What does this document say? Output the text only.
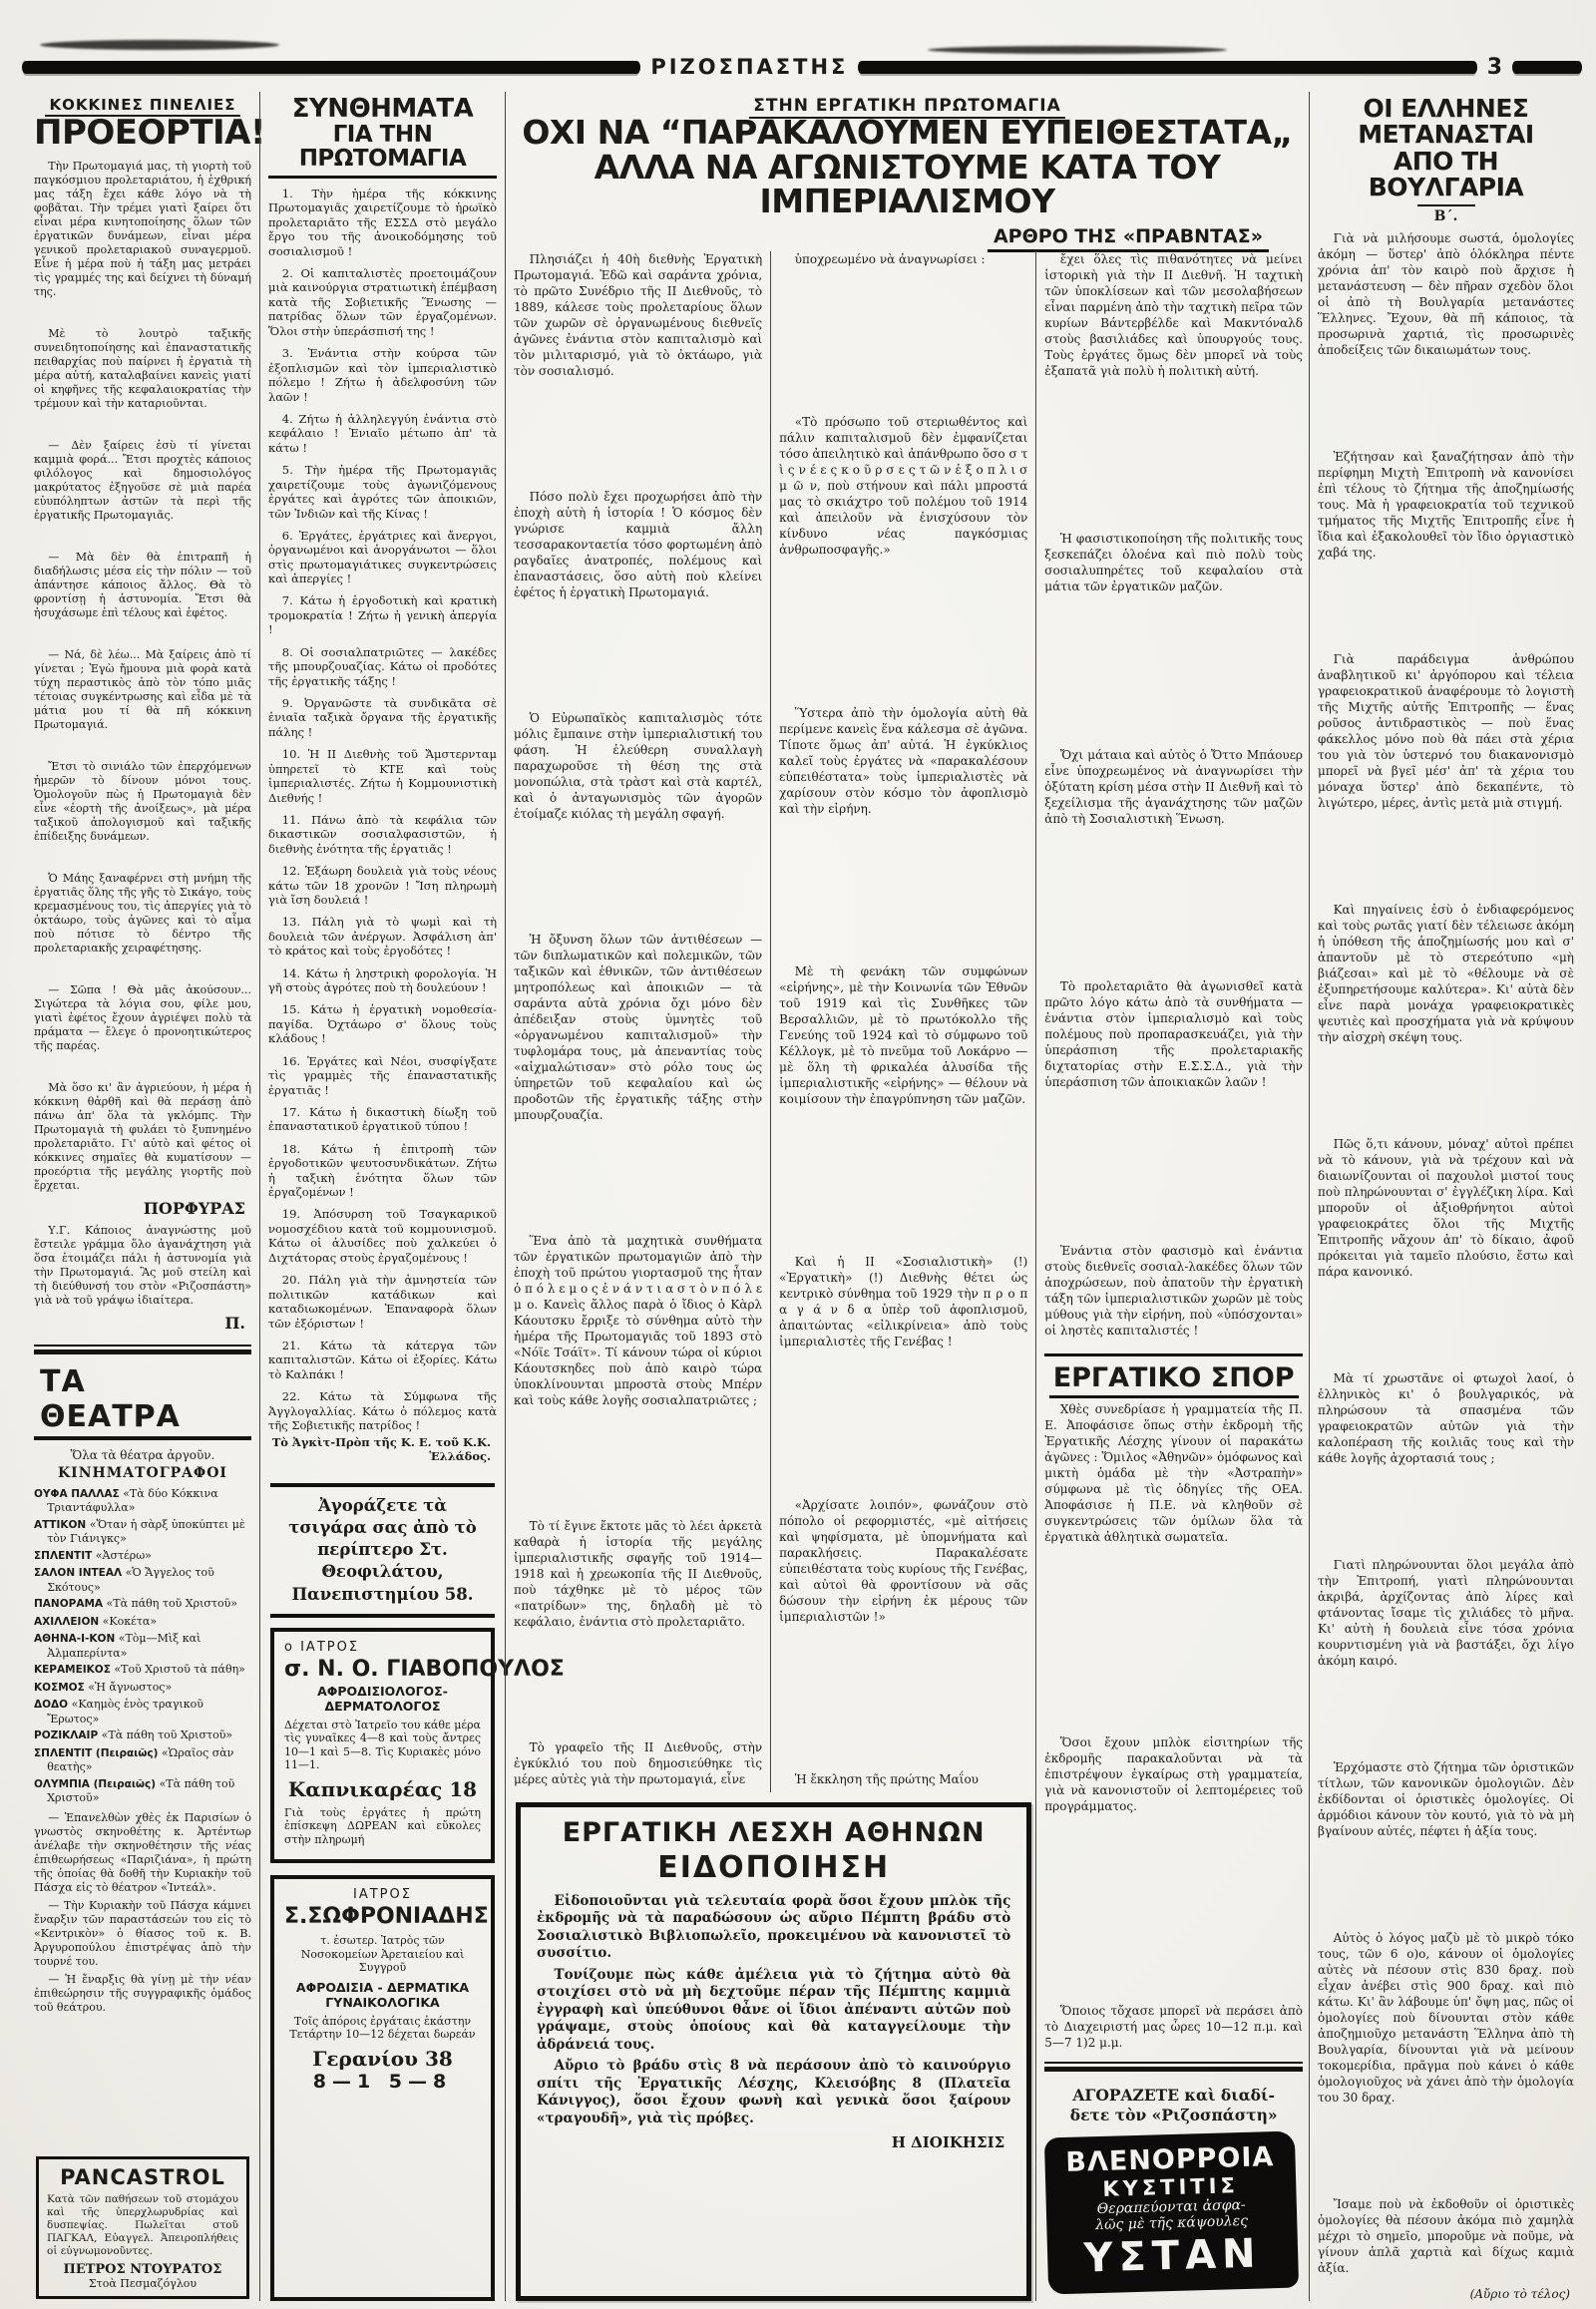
ΡΙΖΟΣΠΑΣΤΗΣ	3
ΚΟΚΚΙΝΕΣ ΠΙΝΕΛΙΕΣ
ΠΡΟΕΟΡΤΙΑ!

Τὴν Πρωτομαγιά μας, τὴ γιορτὴ τοῦ παγκόσμιου προλεταριάτου, ἡ ἐχθρική μας τάξη ἔχει κάθε λόγο νὰ τὴ φοβᾶται. Τὴν τρέμει γιατὶ ξαίρει ὅτι εἶναι μέρα κινητοποίησης ὅλων τῶν ἐργατικῶν δυνάμεων, εἶναι μέρα γενικοῦ προλεταριακοῦ συναγερμοῦ. Εἶνε ἡ μέρα ποὺ ἡ τάξη μας μετράει τὶς γραμμές της καὶ δείχνει τὴ δύναμή της.

Μὲ τὸ λουτρὸ ταξικῆς συνειδητοποίησης καὶ ἐπαναστατικῆς πειθαρχίας ποὺ παίρνει ἡ ἐργατιὰ τὴ μέρα αὐτή, καταλαβαίνει κανεὶς γιατί οἱ κηφῆνες τῆς κεφαλαιοκρατίας τὴν τρέμουν καὶ τὴν καταριοῦνται.

— Δὲν ξαίρεις ἐσὺ τί γίνεται καμμιὰ φορά... Ἔτσι προχτὲς κάποιος φιλόλογος καὶ δημοσιολόγος μακρύτατος ἐξηγοῦσε σὲ μιὰ παρέα εὐυπόληπτων ἀστῶν τὰ περὶ τῆς ἐργατικῆς Πρωτομαγιᾶς.

— Μὰ δὲν θὰ ἐπιτραπῆ ἡ διαδήλωσις μέσα εἰς τὴν πόλιν — τοῦ ἀπάντησε κάποιος ἄλλος. Θὰ τὸ φροντίσῃ ἡ ἀστυνομία. Ἔτσι θὰ ἡσυχάσωμε ἐπὶ τέλους καὶ ἐφέτος.

— Νά, δὲ λέω... Μὰ ξαίρεις ἀπὸ τί γίνεται ; Ἐγὼ ἤμουνα μιὰ φορὰ κατὰ τύχη περαστικὸς ἀπὸ τὸν τόπο μιᾶς τέτοιας συγκέντρωσης καὶ εἶδα μὲ τὰ μάτια μου τί θὰ πῆ κόκκινη Πρωτομαγιά.

Ἔτσι τὸ σινιάλο τῶν ἐπερχόμενων ἡμερῶν τὸ δίνουν μόνοι τους. Ὁμολογοῦν πὼς ἡ Πρωτομαγιὰ δὲν εἶνε «ἑορτὴ τῆς ἀνοίξεως», μὰ μέρα ταξικοῦ ἀπολογισμοῦ καὶ ταξικῆς ἐπίδειξης δυνάμεων.

Ὁ Μάης ξαναφέρνει στὴ μνήμη τῆς ἐργατιᾶς ὅλης τῆς γῆς τὸ Σικάγο, τοὺς κρεμασμένους του, τὶς ἀπεργίες γιὰ τὸ ὀκτάωρο, τοὺς ἀγῶνες καὶ τὸ αἷμα ποὺ πότισε τὸ δέντρο τῆς προλεταριακῆς χειραφέτησης.

— Σῶπα ! Θὰ μᾶς ἀκούσουν... Σιγώτερα τὰ λόγια σου, φίλε μου, γιατὶ ἐφέτος ἔχουν ἀγριέψει πολὺ τὰ πράματα — ἔλεγε ὁ προνοητικώτερος τῆς παρέας.

Μὰ ὅσο κι' ἂν ἀγριεύουν, ἡ μέρα ἡ κόκκινη θἀρθῆ καὶ θὰ περάσῃ ἀπὸ πάνω ἀπ' ὅλα τὰ γκλόμπς. Τὴν Πρωτομαγιὰ τὴ φυλάει τὸ ξυπνημένο προλεταριᾶτο. Γι' αὐτὸ καὶ φέτος οἱ κόκκινες σημαῖες θὰ κυματίσουν — προεόρτια τῆς μεγάλης γιορτῆς ποὺ ἔρχεται.

ΠΟΡΦΥΡΑΣ

Υ.Γ. Κάποιος ἀναγνώστης μοῦ ἔστειλε γράμμα ὅλο ἀγανάχτηση γιὰ ὅσα ἑτοιμάζει πάλι ἡ ἀστυνομία γιὰ τὴν Πρωτομαγιά. Ἂς μοῦ στείλη καὶ τὴ διεύθυνσή του στὸν «Ριζοσπάστη» γιὰ νὰ τοῦ γράψω ἰδιαίτερα.

Π.
ΤΑ ΘΕΑΤΡΑ
Ὅλα τὰ θέατρα ἀργοῦν.
ΚΙΝΗΜΑΤΟΓΡΑΦΟΙ

ΟΥΦΑ ΠΑΛΛΑΣ «Τὰ δύο Κόκκινα Τριαντάφυλλα»

ΑΤΤΙΚΟΝ «Ὅταν ἡ σὰρξ ὑποκύπτει μὲ τὸν Γιάνιγκς»

ΣΠΛΕΝΤΙΤ «Ἀστέρω»

ΣΑΛΟΝ ΙΝΤΕΑΛ «Ὁ Ἄγγελος τοῦ Σκότους»

ΠΑΝΟΡΑΜΑ «Τὰ πάθη τοῦ Χριστοῦ»

ΑΧΙΛΛΕΙΟΝ «Κοκέτα»

ΑΘΗΝΑ-Ι-ΚΟΝ «Τὸμ—Μὶξ καὶ Ἀλμαπερίντα»

ΚΕΡΑΜΕΙΚΟΣ «Τοῦ Χριστοῦ τὰ πάθη»

ΚΟΣΜΟΣ «Ἡ ἄγνωστος»

ΔΟΔΟ «Καημὸς ἑνὸς τραγικοῦ Ἔρωτος»

ΡΟΖΙΚΛΑΙΡ «Τὰ πάθη τοῦ Χριστοῦ»

ΣΠΛΕΝΤΙΤ (Πειραιῶς) «Ὡραῖος σὰν θεατὴς»

ΟΛΥΜΠΙΑ (Πειραιῶς) «Τὰ πάθη τοῦ Χριστοῦ»

— Ἐπανελθὼν χθὲς ἐκ Παρισίων ὁ γνωστὸς σκηνοθέτης κ. Ἀρτέντωρ ἀνέλαβε τὴν σκηνοθέτησιν τῆς νέας ἐπιθεωρήσεως «Παριζιάνα», ἡ πρώτη τῆς ὁποίας θὰ δοθῆ τὴν Κυριακὴν τοῦ Πάσχα εἰς τὸ θέατρον «Ἰντεάλ».

— Τὴν Κυριακὴν τοῦ Πάσχα κάμνει ἔναρξιν τῶν παραστάσεών του εἰς τὸ «Κεντρικὸν» ὁ θίασος τοῦ κ. Β. Ἀργυροπούλου ἐπιστρέψας ἀπὸ τὴν τουρνέ του.

— Ἡ ἔναρξις θὰ γίνῃ μὲ τὴν νέαν ἐπιθεώρησιν τῆς συγγραφικῆς ὁμάδος τοῦ θεάτρου.

PANCASTROL
Κατὰ τῶν παθήσεων τοῦ στομάχου καὶ τῆς ὑπερχλωρυδρίας καὶ δυσπεψίας. Πωλεῖται στοῦ ΠΑΓΚΑΛ, Εὐαγγελ. Ἀπειροπλήθεις οἱ εὐγνωμονοῦντες.
ΠΕΤΡΟΣ ΝΤΟΥΡΑΤΟΣ
Στοὰ Πεσμαζόγλου
ΣΥΝΘΗΜΑΤΑ
ΓΙΑ ΤΗΝ ΠΡΩΤΟΜΑΓΙΑ

1. Τὴν ἡμέρα τῆς κόκκινης Πρωτομαγιᾶς χαιρετίζουμε τὸ ἡρωϊκὸ προλεταριᾶτο τῆς ΕΣΣΔ στὸ μεγάλο ἔργο του τῆς ἀνοικοδόμησης τοῦ σοσιαλισμοῦ !

2. Οἱ καπιταλιστὲς προετοιμάζουν μιὰ καινούργια στρατιωτικὴ ἐπέμβαση κατὰ τῆς Σοβιετικῆς Ἕνωσης — πατρίδας ὅλων τῶν ἐργαζομένων. Ὅλοι στὴν ὑπεράσπισή της !

3. Ἐνάντια στὴν κούρσα τῶν ἐξοπλισμῶν καὶ τὸν ἰμπεριαλιστικὸ πόλεμο ! Ζήτω ἡ ἀδελφοσύνη τῶν λαῶν !

4. Ζήτω ἡ ἀλληλεγγύη ἐνάντια στὸ κεφάλαιο ! Ἑνιαῖο μέτωπο ἀπ' τὰ κάτω !

5. Τὴν ἡμέρα τῆς Πρωτομαγιᾶς χαιρετίζουμε τοὺς ἀγωνιζόμενους ἐργάτες καὶ ἀγρότες τῶν ἀποικιῶν, τῶν Ἰνδιῶν καὶ τῆς Κίνας !

6. Ἐργάτες, ἐργάτριες καὶ ἄνεργοι, ὀργανωμένοι καὶ ἀνοργάνωτοι — ὅλοι στὶς πρωτομαγιάτικες συγκεντρώσεις καὶ ἀπεργίες !

7. Κάτω ἡ ἐργοδοτικὴ καὶ κρατικὴ τρομοκρατία ! Ζήτω ἡ γενικὴ ἀπεργία !

8. Οἱ σοσιαλπατριῶτες — λακέδες τῆς μπουρζουαζίας. Κάτω οἱ προδότες τῆς ἐργατικῆς τάξης !

9. Ὀργανῶστε τὰ συνδικᾶτα σὲ ἑνιαῖα ταξικὰ ὄργανα τῆς ἐργατικῆς πάλης !

10. Ἡ ΙΙ Διεθνὴς τοῦ Ἄμστερνταμ ὑπηρετεῖ τὸ ΚΤΕ καὶ τοὺς ἰμπεριαλιστές. Ζήτω ἡ Κομμουνιστικὴ Διεθνής !

11. Πάνω ἀπὸ τὰ κεφάλια τῶν δικαστικῶν σοσιαλφασιστῶν, ἡ διεθνὴς ἑνότητα τῆς ἐργατιᾶς !

12. Ἑξάωρη δουλειὰ γιὰ τοὺς νέους κάτω τῶν 18 χρονῶν ! Ἴση πληρωμὴ γιὰ ἴση δουλειά !

13. Πάλη γιὰ τὸ ψωμὶ καὶ τὴ δουλειὰ τῶν ἀνέργων. Ἀσφάλιση ἀπ' τὸ κράτος καὶ τοὺς ἐργοδότες !

14. Κάτω ἡ ληστρικὴ φορολογία. Ἡ γῆ στοὺς ἀγρότες ποὺ τὴ δουλεύουν !

15. Κάτω ἡ ἐργατικὴ νομοθεσία-παγίδα. Ὀχτάωρο σ' ὅλους τοὺς κλάδους !

16. Ἐργάτες καὶ Νέοι, συσφίγξατε τὶς γραμμὲς τῆς ἐπαναστατικῆς ἐργατιᾶς !

17. Κάτω ἡ δικαστικὴ δίωξη τοῦ ἐπαναστατικοῦ ἐργατικοῦ τύπου !

18. Κάτω ἡ ἐπιτροπὴ τῶν ἐργοδοτικῶν ψευτοσυνδικάτων. Ζήτω ἡ ταξικὴ ἑνότητα ὅλων τῶν ἐργαζομένων !

19. Ἀπόσυρση τοῦ Τσαγκαρικοῦ νομοσχέδιου κατὰ τοῦ κομμουνισμοῦ. Κάτω οἱ ἁλυσίδες ποὺ χαλκεύει ὁ Διχτάτορας στοὺς ἐργαζομένους !

20. Πάλη γιὰ τὴν ἀμνηστεία τῶν πολιτικῶν κατάδικων καὶ καταδιωκομένων. Ἐπαναφορὰ ὅλων τῶν ἐξόριστων !

21. Κάτω τὰ κάτεργα τῶν καπιταλιστῶν. Κάτω οἱ ἐξορίες. Κάτω τὸ Καλπάκι !

22. Κάτω τὰ Σύμφωνα τῆς Ἀγγλογαλλίας. Κάτω ὁ πόλεμος κατὰ τῆς Σοβιετικῆς πατρίδος !

Τὸ Ἀγκὶτ-Πρὸπ τῆς Κ. Ε. τοῦ Κ.Κ. Ἑλλάδος.
Ἀγοράζετε τὰ τσιγάρα σας ἀπὸ τὸ περίπτερο Στ. Θεοφιλάτου, Πανεπιστημίου 58.
ο ΙΑΤΡΟΣ
σ. Ν. Ο. ΓΙΑΒΟΠΟΥΛΟΣ
ΑΦΡΟΔΙΣΙΟΛΟΓΟΣ-ΔΕΡΜΑΤΟΛΟΓΟΣ
Δέχεται στὸ Ἰατρεῖο του κάθε μέρα τὶς γυναῖκες 4—8 καὶ τοὺς ἄντρες 10—1 καὶ 5—8. Τὶς Κυριακὲς μόνο 11—1.
Καπνικαρέας 18
Γιὰ τοὺς ἐργάτες ἡ πρώτη ἐπίσκεψη ΔΩΡΕΑΝ καὶ εὔκολες στὴν πληρωμή
ΙΑΤΡΟΣ
Σ.ΣΩΦΡΟΝΙΑΔΗΣ
τ. ἐσωτερ. Ἰατρὸς τῶν Νοσοκομείων Ἀρεταιείου καὶ Συγγροῦ
ΑΦΡΟΔΙΣΙΑ - ΔΕΡΜΑΤΙΚΑ
ΓΥΝΑΙΚΟΛΟΓΙΚΑ
Τοῖς ἀπόροις ἐργάταις ἑκάστην Τετάρτην 10—12 δέχεται δωρεάν
Γερανίου 38
8—1 5—8
ΣΤΗΝ ΕΡΓΑΤΙΚΗ ΠΡΩΤΟΜΑΓΙΑ
ΟΧΙ ΝΑ “ΠΑΡΑΚΑΛΟΥΜΕΝ ΕΥΠΕΙΘΕΣΤΑΤΑ„
ΑΛΛΑ ΝΑ ΑΓΩΝΙΣΤΟΥΜΕ ΚΑΤΑ ΤΟΥ ΙΜΠΕΡΙΑΛΙΣΜΟΥ
ΑΡΘΡΟ ΤΗΣ «ΠΡΑΒΝΤΑΣ»

Πλησιάζει ἡ 40ὴ διεθνὴς Ἐργατικὴ Πρωτομαγιά. Ἐδῶ καὶ σαράντα χρόνια, τὸ πρῶτο Συνέδριο τῆς ΙΙ Διεθνοῦς, τὸ 1889, κάλεσε τοὺς προλεταρίους ὅλων τῶν χωρῶν σὲ ὀργανωμένους διεθνεῖς ἀγῶνες ἐνάντια στὸν καπιταλισμὸ καὶ τὸν μιλιταρισμό, γιὰ τὸ ὀκτάωρο, γιὰ τὸν σοσιαλισμό.

Πόσο πολὺ ἔχει προχωρήσει ἀπὸ τὴν ἐποχὴ αὐτὴ ἡ ἱστορία ! Ὁ κόσμος δὲν γνώρισε καμμιὰ ἄλλη τεσσαρακονταετία τόσο φορτωμένη ἀπὸ ραγδαῖες ἀνατροπές, πολέμους καὶ ἐπαναστάσεις, ὅσο αὐτὴ ποὺ κλείνει ἐφέτος ἡ ἐργατικὴ Πρωτομαγιά.

Ὁ Εὐρωπαϊκὸς καπιταλισμὸς τότε μόλις ἔμπαινε στὴν ἰμπεριαλιστική του φάση. Ἡ ἐλεύθερη συναλλαγὴ παραχωροῦσε τὴ θέση της στὰ μονοπώλια, στὰ τρὰστ καὶ στὰ καρτέλ, καὶ ὁ ἀνταγωνισμὸς τῶν ἀγορῶν ἑτοίμαζε κιόλας τὴ μεγάλη σφαγή.

Ἡ ὄξυνση ὅλων τῶν ἀντιθέσεων — τῶν διπλωματικῶν καὶ πολεμικῶν, τῶν ταξικῶν καὶ ἐθνικῶν, τῶν ἀντιθέσεων μητροπόλεως καὶ ἀποικιῶν — τὰ σαράντα αὐτὰ χρόνια ὄχι μόνο δὲν ἀπέδειξαν στοὺς ὑμνητὲς τοῦ «ὀργανωμένου καπιταλισμοῦ» τὴν τυφλομάρα τους, μὰ ἀπεναντίας τοὺς «αἰχμαλώτισαν» στὸ ρόλο τους ὡς ὑπηρετῶν τοῦ κεφαλαίου καὶ ὡς προδοτῶν τῆς ἐργατικῆς τάξης στὴν μπουρζουαζία.

Ἕνα ἀπὸ τὰ μαχητικὰ συνθήματα τῶν ἐργατικῶν πρωτομαγιῶν ἀπὸ τὴν ἐποχὴ τοῦ πρώτου γιορτασμοῦ της ἦταν ὁ π ό λ ε μ ο ς ἐ ν ά ν τ ι α σ τ ὸ ν π ό λ ε μ ο. Κανεὶς ἄλλος παρὰ ὁ ἴδιος ὁ Κὰρλ Κάουτσκυ ἔρριξε τὸ σύνθημα αὐτὸ τὴν ἡμέρα τῆς Πρωτομαγιᾶς τοῦ 1893 στὸ «Νόϊε Τσάϊτ». Τί κάνουν τώρα οἱ κύριοι Κάουτσκηδες ποὺ ἀπὸ καιρὸ τώρα ὑποκλίνουνται μπροστὰ στοὺς Μπέρν καὶ τοὺς κάθε λογῆς σοσιαλπατριῶτες ;

Τὸ τί ἔγινε ἔκτοτε μᾶς τὸ λέει ἀρκετὰ καθαρὰ ἡ ἱστορία τῆς μεγάλης ἰμπεριαλιστικῆς σφαγῆς τοῦ 1914—1918 καὶ ἡ χρεωκοπία τῆς ΙΙ Διεθνοῦς, ποὺ τάχθηκε μὲ τὸ μέρος τῶν «πατρίδων» της, δηλαδὴ μὲ τὸ κεφάλαιο, ἐνάντια στὸ προλεταριᾶτο.

Τὸ γραφεῖο τῆς ΙΙ Διεθνοῦς, στὴν ἐγκύκλιό του ποὺ δημοσιεύθηκε τὶς μέρες αὐτὲς γιὰ τὴν πρωτομαγιά, εἶνε

ὑποχρεωμένο νὰ ἀναγνωρίσει :

«Τὸ πρόσωπο τοῦ στεριωθέντος καὶ πάλιν καπιταλισμοῦ δὲν ἐμφανίζεται τόσο ἀπειλητικὸ καὶ ἀπάνθρωπο ὅσο σ τ ὶ ς ν έ ε ς κ ο ῦ ρ σ ε ς τ ῶ ν ἐ ξ ο π λ ι σ μ ῶ ν, ποὺ στήνουν καὶ πάλι μπροστά μας τὸ σκιάχτρο τοῦ πολέμου τοῦ 1914 καὶ ἀπειλοῦν νὰ ἐνισχύσουν τὸν κίνδυνο νέας παγκόσμιας ἀνθρωποσφαγῆς.»

Ὕστερα ἀπὸ τὴν ὁμολογία αὐτὴ θὰ περίμενε κανεὶς ἕνα κάλεσμα σὲ ἀγῶνα. Τίποτε ὅμως ἀπ' αὐτά. Ἡ ἐγκύκλιος καλεῖ τοὺς ἐργάτες νὰ «παρακαλέσουν εὐπειθέστατα» τοὺς ἰμπεριαλιστὲς νὰ χαρίσουν στὸν κόσμο τὸν ἀφοπλισμὸ καὶ τὴν εἰρήνη.

Μὲ τὴ φενάκη τῶν συμφώνων «εἰρήνης», μὲ τὴν Κοινωνία τῶν Ἐθνῶν τοῦ 1919 καὶ τὶς Συνθῆκες τῶν Βερσαλλιῶν, μὲ τὸ πρωτόκολλο τῆς Γενεύης τοῦ 1924 καὶ τὸ σύμφωνο τοῦ Κέλλογκ, μὲ τὸ πνεῦμα τοῦ Λοκάρνο — μὲ ὅλη τὴ φρικαλέα ἁλυσίδα τῆς ἰμπεριαλιστικῆς «εἰρήνης» — θέλουν νὰ κοιμίσουν τὴν ἐπαγρύπνηση τῶν μαζῶν.

Καὶ ἡ ΙΙ «Σοσιαλιστικὴ» (!) «Ἐργατικὴ» (!) Διεθνὴς θέτει ὡς κεντρικὸ σύνθημα τοῦ 1929 τὴν π ρ ο π α γ ά ν δ α ὑπὲρ τοῦ ἀφοπλισμοῦ, ἀπαιτώντας «εἰλικρίνεια» ἀπὸ τοὺς ἰμπεριαλιστὲς τῆς Γενέβας !

«Ἀρχίσατε λοιπόν», φωνάζουν στὸ πόπολο οἱ ρεφορμιστές, «μὲ αἰτήσεις καὶ ψηφίσματα, μὲ ὑπομνήματα καὶ παρακλήσεις. Παρακαλέσατε εὐπειθέστατα τοὺς κυρίους τῆς Γενέβας, καὶ αὐτοὶ θὰ φροντίσουν νὰ σᾶς δώσουν τὴν εἰρήνη ἐκ μέρους τῶν ἰμπεριαλιστῶν !»

Ἡ ἔκκληση τῆς πρώτης Μαΐου

ΕΡΓΑΤΙΚΗ ΛΕΣΧΗ ΑΘΗΝΩΝ
ΕΙΔΟΠΟΙΗΣΗ

Εἰδοποιοῦνται γιὰ τελευταία φορὰ ὅσοι ἔχουν μπλὸκ τῆς ἐκδρομῆς νὰ τὰ παραδώσουν ὡς αὔριο Πέμπτη βράδυ στὸ Σοσιαλιστικὸ Βιβλιοπωλεῖο, προκειμένου νὰ κανονιστεῖ τὸ συσσίτιο.

Τονίζουμε πὼς κάθε ἀμέλεια γιὰ τὸ ζήτημα αὐτὸ θὰ στοιχίσει στὸ νὰ μὴ δεχτοῦμε πέραν τῆς Πέμπτης καμμιὰ ἐγγραφὴ καὶ ὑπεύθυνοι θἆνε οἱ ἴδιοι ἀπέναντι αὐτῶν ποὺ γράψαμε, στοὺς ὁποίους καὶ θὰ καταγγείλουμε τὴν ἀδράνειά τους.

Αὔριο τὸ βράδυ στὶς 8 νὰ περάσουν ἀπὸ τὸ καινούργιο σπίτι τῆς Ἐργατικῆς Λέσχης, Κλεισόβης 8 (Πλατεῖα Κάνιγγος), ὅσοι ἔχουν φωνὴ καὶ γενικὰ ὅσοι ξαίρουν «τραγουδῆ», γιὰ τὶς πρόβες.

Η ΔΙΟΙΚΗΣΙΣ

ἔχει ὅλες τὶς πιθανότητες νὰ μείνει ἱστορικὴ γιὰ τὴν ΙΙ Διεθνῆ. Ἡ ταχτικὴ τῶν ὑποκλίσεων καὶ τῶν μεσολαβήσεων εἶναι παρμένη ἀπὸ τὴν ταχτικὴ πεῖρα τῶν κυρίων Βάντερβέλδε καὶ Μακντόναλδ στοὺς βασιλιάδες καὶ ὑπουργούς τους. Τοὺς ἐργάτες ὅμως δὲν μπορεῖ νὰ τοὺς ἐξαπατᾶ γιὰ πολὺ ἡ πολιτικὴ αὐτή.

Ἡ φασιστικοποίηση τῆς πολιτικῆς τους ξεσκεπάζει ὁλοένα καὶ πιὸ πολὺ τοὺς σοσιαλυπηρέτες τοῦ κεφαλαίου στὰ μάτια τῶν ἐργατικῶν μαζῶν.

Ὄχι μάταια καὶ αὐτὸς ὁ Ὄττο Μπάουερ εἶνε ὑποχρεωμένος νὰ ἀναγνωρίσει τὴν ὀξύτατη κρίση μέσα στὴν ΙΙ Διεθνῆ καὶ τὸ ξεχείλισμα τῆς ἀγανάχτησης τῶν μαζῶν ἀπὸ τὴ Σοσιαλιστικὴ Ἕνωση.

Τὸ προλεταριᾶτο θὰ ἀγωνισθεῖ κατὰ πρῶτο λόγο κάτω ἀπὸ τὰ συνθήματα — ἐνάντια στὸν ἰμπεριαλισμὸ καὶ τοὺς πολέμους ποὺ προπαρασκευάζει, γιὰ τὴν ὑπεράσπιση τῆς προλεταριακῆς διχτατορίας στὴν Ε.Σ.Σ.Δ., γιὰ τὴν ὑπεράσπιση τῶν ἀποικιακῶν λαῶν !

Ἐνάντια στὸν φασισμὸ καὶ ἐνάντια στοὺς διεθνεῖς σοσιαλ-λακέδες ὅλων τῶν ἀποχρώσεων, ποὺ ἀπατοῦν τὴν ἐργατικὴ τάξη τῶν ἰμπεριαλιστικῶν χωρῶν μὲ τοὺς μύθους γιὰ τὴν εἰρήνη, ποὺ «ὑπόσχονται» οἱ ληστὲς καπιταλιστές !

ΕΡΓΑΤΙΚΟ ΣΠΟΡ

Χθὲς συνεδρίασε ἡ γραμματεία τῆς Π. Ε. Ἀποφάσισε ὅπως στὴν ἐκδρομὴ τῆς Ἐργατικῆς Λέσχης γίνουν οἱ παρακάτω ἀγῶνες : Ὅμιλος «Ἀθηνῶν» ὁμόφωνος καὶ μικτὴ ὁμάδα μὲ τὴν «Ἀστραπὴν» σύμφωνα μὲ τὶς ὁδηγίες τῆς ΟΕΑ. Ἀποφάσισε ἡ Π.Ε. νὰ κληθοῦν σὲ συγκεντρώσεις τῶν ὁμίλων ὅλα τὰ ἐργατικὰ ἀθλητικὰ σωματεῖα.

Ὅσοι ἔχουν μπλὸκ εἰσιτηρίων τῆς ἐκδρομῆς παρακαλοῦνται νὰ τὰ ἐπιστρέψουν ἐγκαίρως στὴ γραμματεία, γιὰ νὰ κανονιστοῦν οἱ λεπτομέρειες τοῦ προγράμματος.

Ὅποιος τὄχασε μπορεῖ νὰ περάσει ἀπὸ τὸ Διαχειριστή μας ὧρες 10—12 π.μ. καὶ 5—7 1)2 μ.μ.

ΑΓΟΡΑΖΕΤΕ καὶ διαδί-
δετε τὸν «Ριζοσπάστη»
ΒΛΕΝΟΡΡΟΙΑ
ΚΥΣΤΙΤΙΣ
Θεραπεύονται ἀσφα-
λῶς μὲ τῆς κάψουλες
ΥΣΤΑΝ
ΟΙ ΕΛΛΗΝΕΣ ΜΕΤΑΝΑΣΤΑΙ
ΑΠΟ ΤΗ ΒΟΥΛΓΑΡΙΑ
Β΄.

Γιὰ νὰ μιλήσουμε σωστά, ὁμολογίες ἀκόμη — ὕστερ' ἀπὸ ὁλόκληρα πέντε χρόνια ἀπ' τὸν καιρὸ ποὺ ἄρχισε ἡ μετανάστευση — δὲν πῆραν σχεδὸν ὅλοι οἱ ἀπὸ τὴ Βουλγαρία μετανάστες Ἕλληνες. Ἔχουν, θὰ πῆ κάποιος, τὰ προσωρινὰ χαρτιά, τὶς προσωρινὲς ἀποδείξεις τῶν δικαιωμάτων τους.

Ἐζήτησαν καὶ ξαναζήτησαν ἀπὸ τὴν περίφημη Μιχτὴ Ἐπιτροπὴ νὰ κανονίσει ἐπὶ τέλους τὸ ζήτημα τῆς ἀποζημίωσής τους. Μὰ ἡ γραφειοκρατία τοῦ τεχνικοῦ τμήματος τῆς Μιχτῆς Ἐπιτροπῆς εἶνε ἡ ἴδια καὶ ἐξακολουθεῖ τὸν ἴδιο ὀργιαστικὸ χαβά της.

Γιὰ παράδειγμα ἀνθρώπου ἀναβλητικοῦ κι' ἀργόπορου καὶ τέλεια γραφειοκρατικοῦ ἀναφέρουμε τὸ λογιστὴ τῆς Μιχτῆς αὐτῆς Ἐπιτροπῆς — ἕνας ροῦσος ἀντιδραστικὸς — ποὺ ἕνας φάκελλος μόνο ποὺ θὰ πάει στὰ χέρια του γιὰ τὸν ὑστερνό του διακανονισμὸ μπορεῖ νὰ βγεῖ μέσ' ἀπ' τὰ χέρια του μόναχα ὕστερ' ἀπὸ δεκαπέντε, τὸ λιγώτερο, μέρες, ἀντὶς μετὰ μιὰ στιγμή.

Καὶ πηγαίνεις ἐσὺ ὁ ἐνδιαφερόμενος καὶ τοὺς ρωτᾶς γιατί δὲν τέλειωσε ἀκόμη ἡ ὑπόθεση τῆς ἀποζημίωσής μου καὶ σ' ἀπαντοῦν μὲ τὸ στερεότυπο «μὴ βιάζεσαι» καὶ μὲ τὸ «θέλουμε νὰ σὲ ἐξυπηρετήσουμε καλύτερα». Κι' αὐτὰ δὲν εἶνε παρὰ μονάχα γραφειοκρατικὲς ψευτιὲς καὶ προσχήματα γιὰ νὰ κρύψουν τὴν αἰσχρὴ σκέψη τους.

Πῶς ὅ,τι κάνουν, μόναχ' αὐτοὶ πρέπει νὰ τὸ κάνουν, γιὰ νὰ τρέχουν καὶ νὰ διαιωνίζουνται οἱ παχουλοὶ μιστοί τους ποὺ πληρώνουνται σ' ἐγγλέζικη λίρα. Καὶ μποροῦν οἱ ἀξιοθρήνητοι αὐτοὶ γραφειοκράτες ὅλοι τῆς Μιχτῆς Ἐπιτροπῆς νἄχουν ἀπ' τὸ δίκαιο, ἀφοῦ πρόκειται γιὰ ταμεῖο πλούσιο, ἔστω καὶ πάρα κανονικό.

Μὰ τί χρωστᾶνε οἱ φτωχοὶ λαοί, ὁ ἑλληνικὸς κι' ὁ βουλγαρικός, νὰ πληρώσουν τὰ σπασμένα τῶν γραφειοκρατῶν αὐτῶν γιὰ τὴν καλοπέραση τῆς κοιλιᾶς τους καὶ τὴν κάθε λογῆς ἀχορτασιά τους ;

Γιατὶ πληρώνουνται ὅλοι μεγάλα ἀπὸ τὴν Ἐπιτροπή, γιατὶ πληρώνουνται ἀκριβά, ἀρχίζοντας ἀπὸ λίρες καὶ φτάνοντας ἴσαμε τὶς χιλιάδες τὸ μῆνα. Κι' αὐτὴ ἡ δουλειὰ εἶνε τόσα χρόνια κουρντισμένη γιὰ νὰ βαστάξει, ὄχι λίγο ἀκόμη καιρό.

Ἐρχόμαστε στὸ ζήτημα τῶν ὁριστικῶν τίτλων, τῶν κανονικῶν ὁμολογιῶν. Δὲν ἐκδίδονται οἱ ὁριστικὲς ὁμολογίες. Οἱ ἁρμόδιοι κάνουν τὸν κουτό, γιὰ τὸ νὰ μὴ βγαίνουν αὐτές, πέφτει ἡ ἀξία τους.

Αὐτὸς ὁ λόγος μαζὺ μὲ τὸ μικρὸ τόκο τους, τῶν 6 ο)ο, κάνουν οἱ ὁμολογίες αὐτὲς νὰ πέσουν στὶς 830 δραχ. ποὺ εἶχαν ἀνέβει στὶς 900 δραχ. καὶ πιὸ κάτω. Κι' ἂν λάβουμε ὑπ' ὄψη μας, πῶς οἱ ὁμολογίες ποὺ δίνουνται στὸν κάθε ἀποζημιοῦχο μετανάστη Ἕλληνα ἀπὸ τὴ Βουλγαρία, δίνουνται γιὰ νὰ μείνουν τοκομερίδια, πρᾶγμα ποὺ κάνει ὁ κάθε ὁμολογιοῦχος νὰ χάνει ἀπὸ τὴν ὁμολογία του 30 δραχ.

Ἴσαμε ποὺ νὰ ἐκδοθοῦν οἱ ὁριστικὲς ὁμολογίες θὰ πέσουν ἀκόμα πιὸ χαμηλὰ μέχρι τὸ σημεῖο, μποροῦμε νὰ ποῦμε, νὰ γίνουν ἁπλᾶ χαρτιὰ καὶ δίχως καμιὰ ἀξία.

(Αὔριο τὸ τέλος)
